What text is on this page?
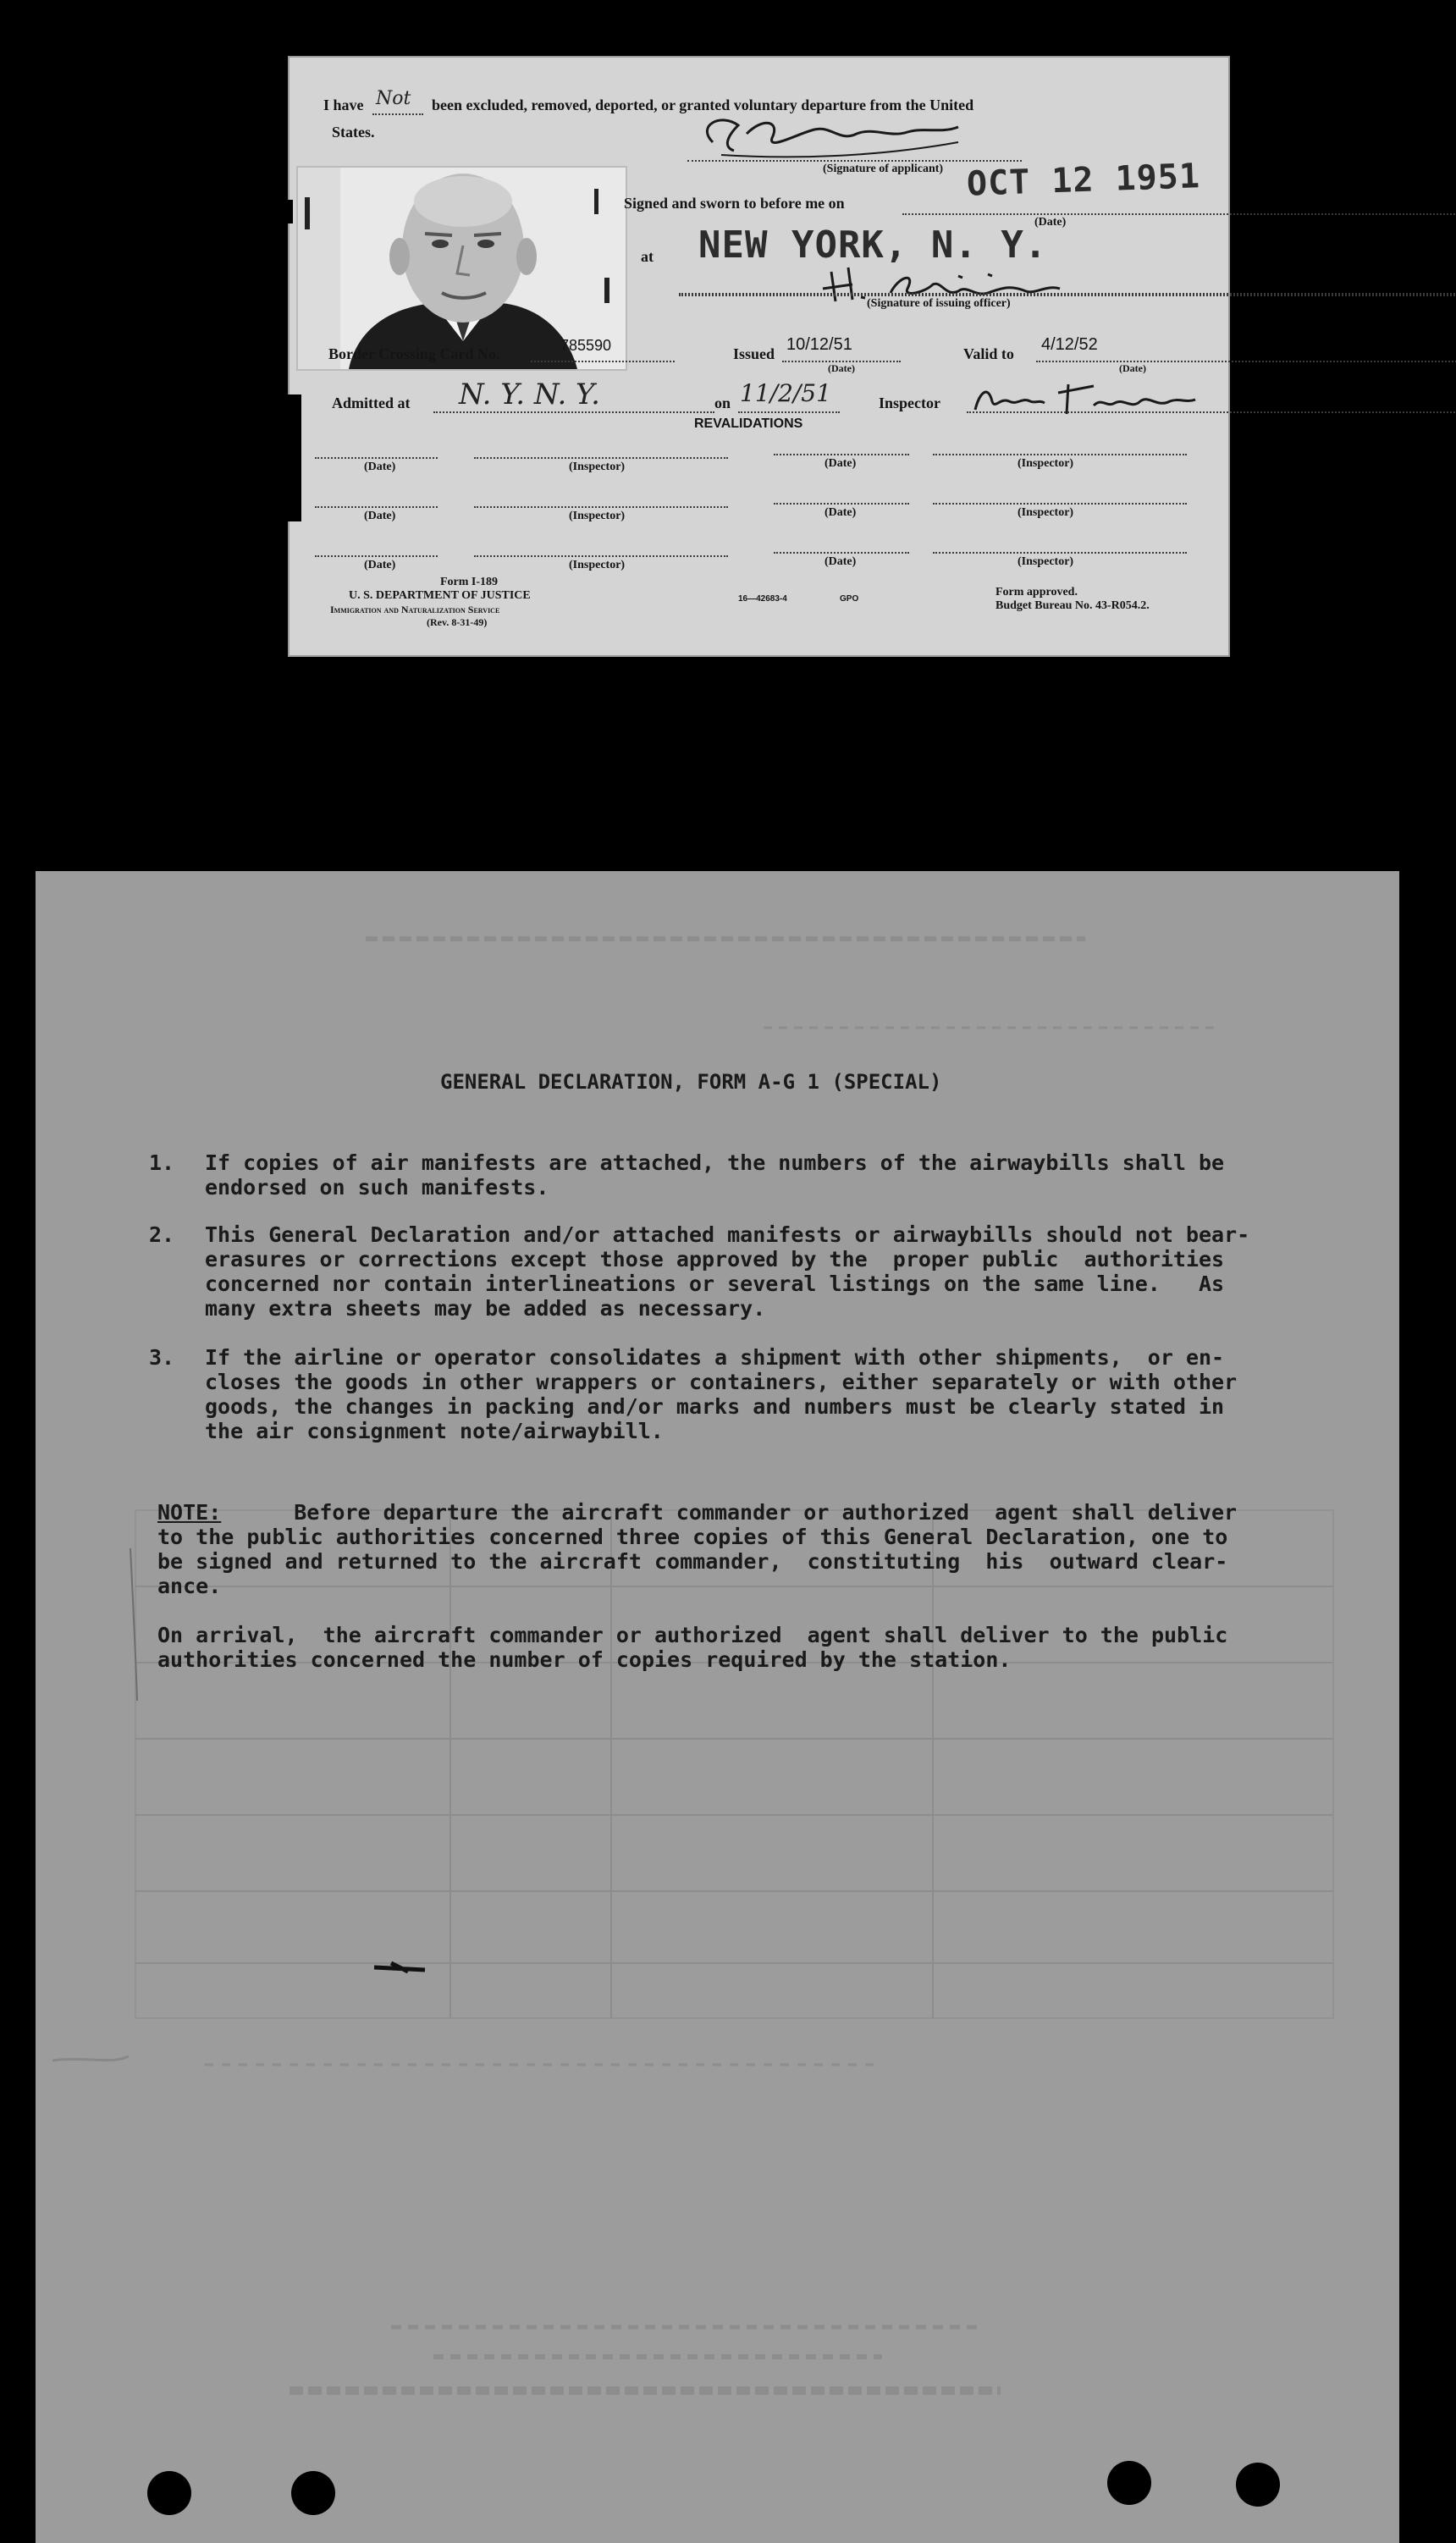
I have Not been excluded, removed, deported, or granted voluntary departure from the United
States.
(Signature of applicant)
Signed and sworn to before me on	OCT 12 1951
(Date)
at NEW YORK, N. Y.
(Signature of issuing officer)
Border Crossing Card No.	785590	Issued 10/12/51
(Date)
Valid to 4/12/52
(Date)
Admitted at N. Y. N. Y.	on 11/2/51	Inspector
REVALIDATIONS
(Date)	(Inspector)	(Date)	(Inspector)
(Date)	(Inspector)	(Date)	(Inspector)
(Date)	(Inspector)	(Date)	(Inspector)
Form I-189
U. S. DEPARTMENT OF JUSTICE
Immigration and Naturalization Service
(Rev. 8-31-49)
16—42683-4	GPO
Form approved.
Budget Bureau No. 43-R054.2.
GENERAL DECLARATION, FORM A-G 1 (SPECIAL)
1. If copies of air manifests are attached, the numbers of the airwaybills shall be
endorsed on such manifests.
2. This General Declaration and/or attached manifests or airwaybills should not bear-
erasures or corrections except those approved by the  proper public  authorities
concerned nor contain interlineations or several listings on the same line.   As
many extra sheets may be added as necessary.
3. If the airline or operator consolidates a shipment with other shipments,  or en-
closes the goods in other wrappers or containers, either separately or with other
goods, the changes in packing and/or marks and numbers must be clearly stated in
the air consignment note/airwaybill.
NOTE: Before departure the aircraft commander or authorized  agent shall deliver
to the public authorities concerned three copies of this General Declaration, one to
be signed and returned to the aircraft commander,  constituting  his  outward clear-
ance.
On arrival,  the aircraft commander or authorized  agent shall deliver to the public
authorities concerned the number of copies required by the station.
